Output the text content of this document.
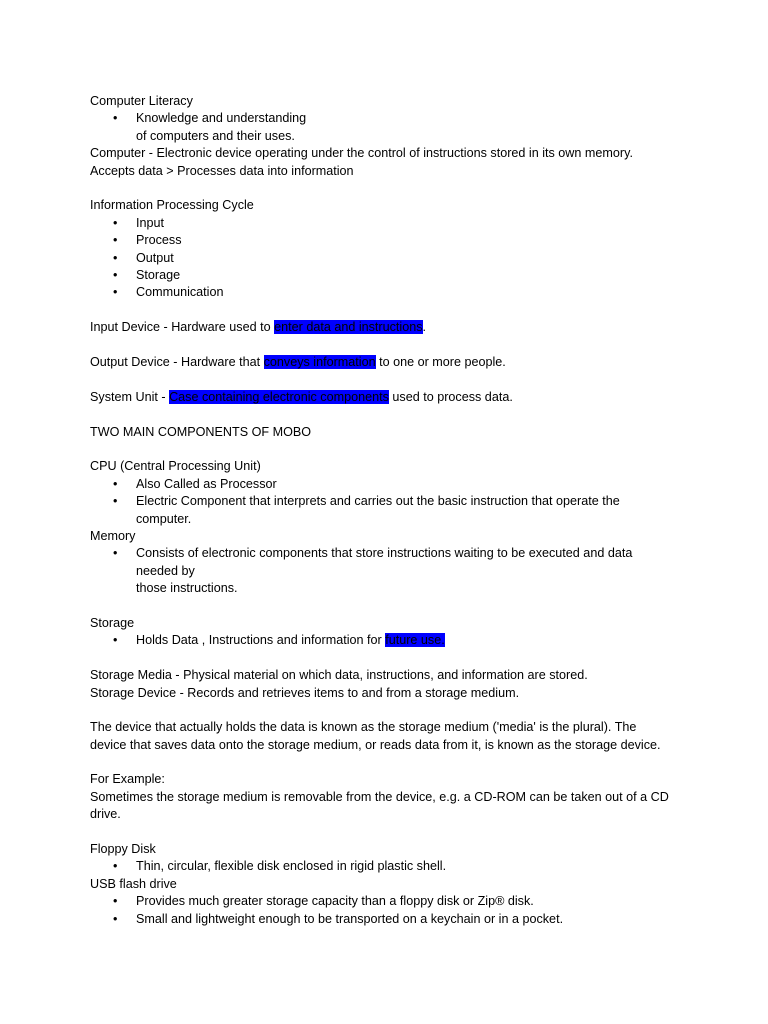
Computer Literacy
• Knowledge and understanding
of computers and their uses.
Computer - Electronic device operating under the control of instructions stored in its own memory.
Accepts data > Processes data into information
Information Processing Cycle
• Input
• Process
• Output
• Storage
• Communication
Input Device - Hardware used to enter data and instructions.
Output Device - Hardware that conveys information to one or more people.
System Unit - Case containing electronic components used to process data.
TWO MAIN COMPONENTS OF MOBO
CPU (Central Processing Unit)
• Also Called as Processor
• Electric Component that interprets and carries out the basic instruction that operate the
computer.
Memory
• Consists of electronic components that store instructions waiting to be executed and data
needed by
those instructions.
Storage
• Holds Data , Instructions and information for future use.
Storage Media - Physical material on which data, instructions, and information are stored.
Storage Device - Records and retrieves items to and from a storage medium.
The device that actually holds the data is known as the storage medium ('media' is the plural). The
device that saves data onto the storage medium, or reads data from it, is known as the storage device.
For Example:
Sometimes the storage medium is removable from the device, e.g. a CD-ROM can be taken out of a CD
drive.
Floppy Disk
• Thin, circular, flexible disk enclosed in rigid plastic shell.
USB flash drive
• Provides much greater storage capacity than a floppy disk or Zip® disk.
• Small and lightweight enough to be transported on a keychain or in a pocket.
